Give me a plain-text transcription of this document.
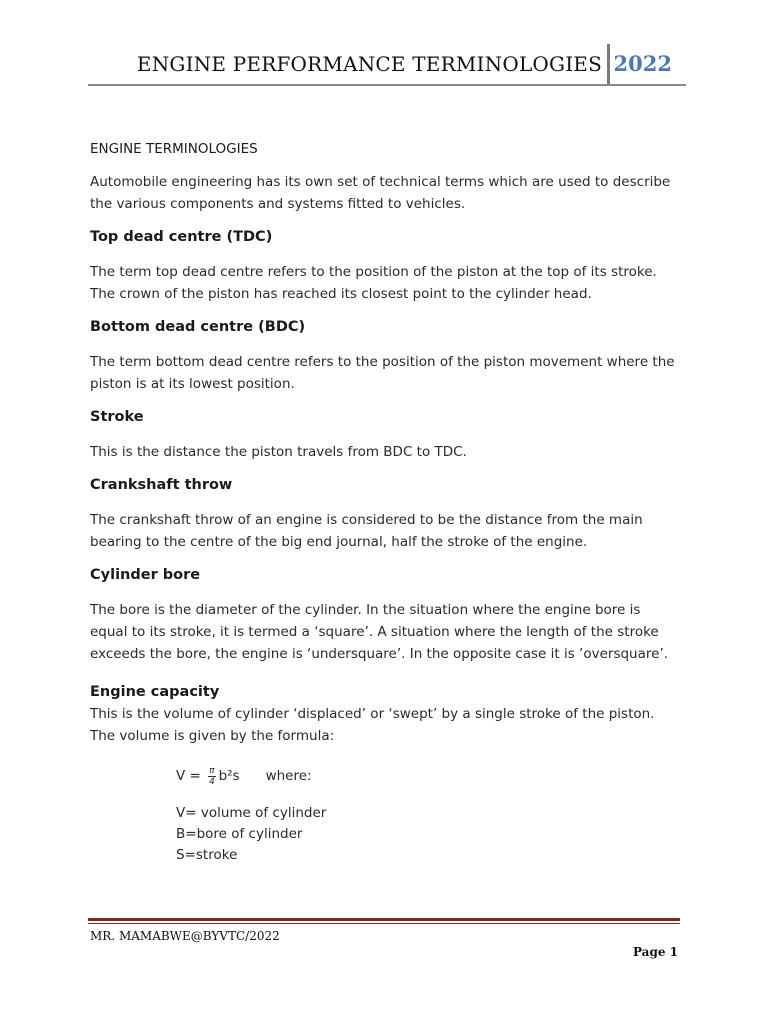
ENGINE PERFORMANCE TERMINOLOGIES 2022
ENGINE TERMINOLOGIES

Automobile engineering has its own set of technical terms which are used to describe the various components and systems fitted to vehicles.

Top dead centre (TDC)

The term top dead centre refers to the position of the piston at the top of its stroke. The crown of the piston has reached its closest point to the cylinder head.

Bottom dead centre (BDC)

The term bottom dead centre refers to the position of the piston movement where the piston is at its lowest position.

Stroke

This is the distance the piston travels from BDC to TDC.

Crankshaft throw

The crankshaft throw of an engine is considered to be the distance from the main bearing to the centre of the big end journal, half the stroke of the engine.

Cylinder bore

The bore is the diameter of the cylinder. In the situation where the engine bore is equal to its stroke, it is termed a ‘square’. A situation where the length of the stroke exceeds the bore, the engine is ‘undersquare’. In the opposite case it is ’oversquare’.

Engine capacity

This is the volume of cylinder ‘displaced’ or ‘swept’ by a single stroke of the piston. The volume is given by the formula:

$V = \frac{\pi}{4} b^2s$ where:
V= volume of cylinder
B=bore of cylinder
S=stroke
MR. MAMABWE@BYVTC/2022
Page 1
